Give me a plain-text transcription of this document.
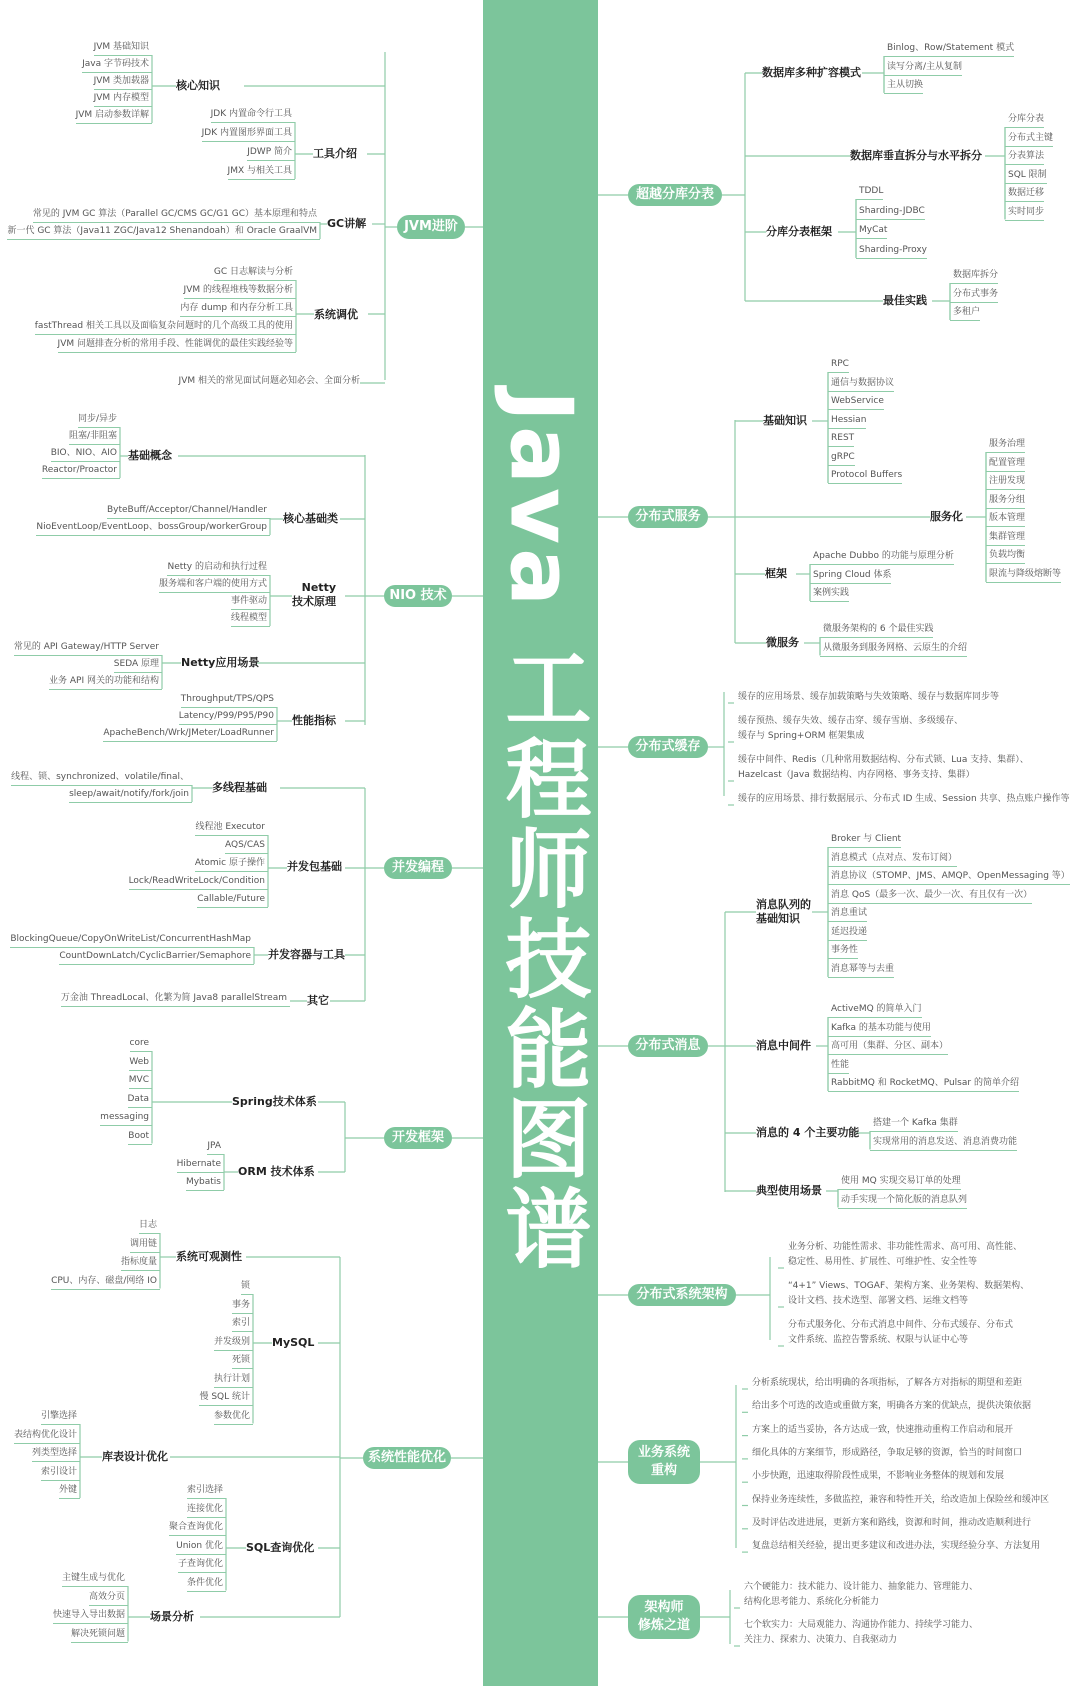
Java 工程师技能图谱
JVM进阶
核心知识
JVM 基础知识
Java 字节码技术
JVM 类加载器
JVM 内存模型
JVM 启动参数详解
工具介绍
JDK 内置命令行工具
JDK 内置图形界面工具
JDWP 简介
JMX 与相关工具
GC讲解
常见的 JVM GC 算法（Parallel GC/CMS GC/G1 GC）基本原理和特点
新一代 GC 算法（Java11 ZGC/Java12 Shenandoah）和 Oracle GraalVM
系统调优
GC 日志解读与分析
JVM 的线程堆栈等数据分析
内存 dump 和内存分析工具
fastThread 相关工具以及面临复杂问题时的几个高级工具的使用
JVM 问题排查分析的常用手段、性能调优的最佳实践经验等
JVM 相关的常见面试问题必知必会、全面分析
NIO 技术
基础概念
同步/异步
阻塞/非阻塞
BIO、NIO、AIO
Reactor/Proactor
核心基础类
ByteBuff/Acceptor/Channel/Handler
NioEventLoop/EventLoop、bossGroup/workerGroup
Netty
技术原理
Netty 的启动和执行过程
服务端和客户端的使用方式
事件驱动
线程模型
Netty应用场景
常见的 API Gateway/HTTP Server
SEDA 原理
业务 API 网关的功能和结构
性能指标
Throughput/TPS/QPS
Latency/P99/P95/P90
ApacheBench/Wrk/JMeter/LoadRunner
并发编程
多线程基础
线程、锁、synchronized、volatile/final、
sleep/await/notify/fork/join
并发包基础
线程池 Executor
AQS/CAS
Atomic 原子操作
Lock/ReadWriteLock/Condition
Callable/Future
并发容器与工具
BlockingQueue/CopyOnWriteList/ConcurrentHashMap
CountDownLatch/CyclicBarrier/Semaphore
其它
万金油 ThreadLocal、化繁为简 Java8 parallelStream
开发框架
Spring技术体系
core
Web
MVC
Data
messaging
Boot
ORM 技术体系
JPA
Hibernate
Mybatis
系统性能优化
系统可观测性
日志
调用链
指标度量
CPU、内存、磁盘/网络 IO
MySQL
锁
事务
索引
并发级别
死锁
执行计划
慢 SQL 统计
参数优化
库表设计优化
引擎选择
表结构优化设计
列类型选择
索引设计
外键
SQL查询优化
索引选择
连接优化
聚合查询优化
Union 优化
子查询优化
条件优化
场景分析
主键生成与优化
高效分页
快速导入导出数据
解决死锁问题
超越分库分表
数据库多种扩容模式
Binlog、Row/Statement 模式
读写分离/主从复制
主从切换
数据库垂直拆分与水平拆分
分库分表
分布式主键
分表算法
SQL 限制
数据迁移
实时同步
分库分表框架
TDDL
Sharding-JDBC
MyCat
Sharding-Proxy
最佳实践
数据库拆分
分布式事务
多租户
分布式服务
基础知识
RPC
通信与数据协议
WebService
Hessian
REST
gRPC
Protocol Buffers
服务化
服务治理
配置管理
注册发现
服务分组
版本管理
集群管理
负载均衡
限流与降级熔断等
框架
Apache Dubbo 的功能与原理分析
Spring Cloud 体系
案例实践
微服务
微服务架构的 6 个最佳实践
从微服务到服务网格、云原生的介绍
分布式缓存
缓存的应用场景、缓存加载策略与失效策略、缓存与数据库同步等
缓存预热、缓存失效、缓存击穿、缓存雪崩、多级缓存、
缓存与 Spring+ORM 框架集成
缓存中间件、Redis（几种常用数据结构、分布式锁、Lua 支持、集群）、
Hazelcast（Java 数据结构、内存网格、事务支持、集群）
缓存的应用场景、排行数据展示、分布式 ID 生成、Session 共享、热点账户操作等
分布式消息
消息队列的
基础知识
Broker 与 Client
消息模式（点对点、发布订阅）
消息协议（STOMP、JMS、AMQP、OpenMessaging 等）
消息 QoS（最多一次、最少一次、有且仅有一次）
消息重试
延迟投递
事务性
消息幂等与去重
消息中间件
ActiveMQ 的简单入门
Kafka 的基本功能与使用
高可用（集群、分区、副本）
性能
RabbitMQ 和 RocketMQ、Pulsar 的简单介绍
消息的 4 个主要功能
搭建一个 Kafka 集群
实现常用的消息发送、消息消费功能
典型使用场景
使用 MQ 实现交易订单的处理
动手实现一个简化版的消息队列
分布式系统架构
业务分析、功能性需求、非功能性需求、高可用、高性能、
稳定性、易用性、扩展性、可维护性、安全性等
“4+1” Views、TOGAF、架构方案、业务架构、数据架构、
设计文档、技术选型、部署文档、运维文档等
分布式服务化、分布式消息中间件、分布式缓存、分布式
文件系统、监控告警系统、权限与认证中心等
业务系统
重构
分析系统现状，给出明确的各项指标，了解各方对指标的期望和差距
给出多个可选的改造或重做方案，明确各方案的优缺点，提供决策依据
方案上的适当妥协，各方达成一致，快速推动重构工作启动和展开
细化具体的方案细节，形成路径，争取足够的资源，恰当的时间窗口
小步快跑，迅速取得阶段性成果，不影响业务整体的规划和发展
保持业务连续性，多做监控，兼容和特性开关，给改造加上保险丝和缓冲区
及时评估改进进展，更新方案和路线，资源和时间，推动改造顺利进行
复盘总结相关经验，提出更多建议和改进办法，实现经验分享、方法复用
架构师
修炼之道
六个硬能力：技术能力、设计能力、抽象能力、管理能力、
结构化思考能力、系统化分析能力
七个软实力：大局观能力、沟通协作能力、持续学习能力、
关注力、探索力、决策力、自我驱动力
